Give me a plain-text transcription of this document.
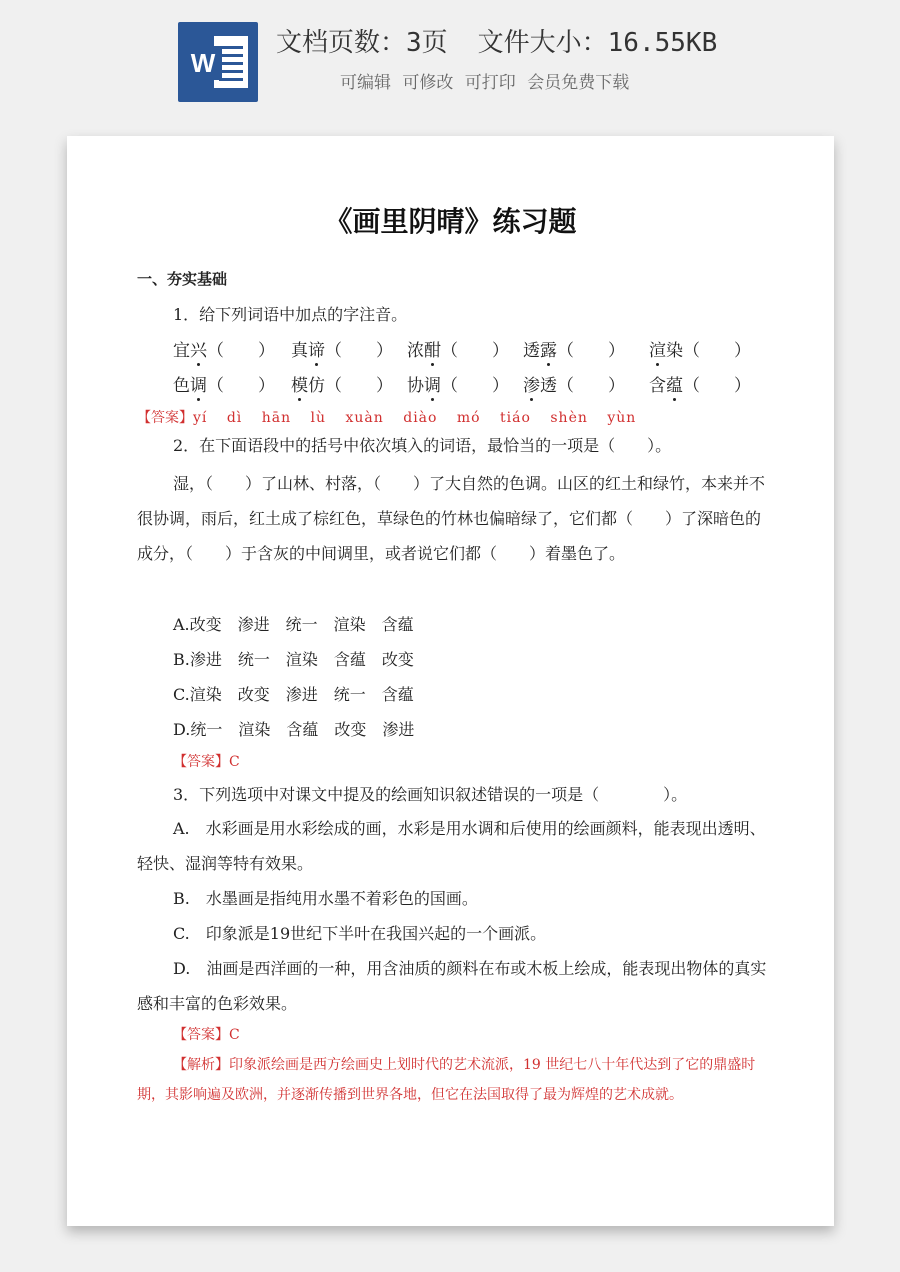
W
文档页数：3页 文件大小：16.55KB
可编辑 可修改 可打印 会员免费下载
《画里阴晴》练习题
一、夯实基础
1．给下列词语中加点的字注音。
宜兴（　　） 真谛（　　） 浓酣（　　） 透露（　　） 渲染（　　）
色调（　　） 模仿（　　） 协调（　　） 渗透（　　） 含蕴（　　）
【答案】yí dì hān lù xuàn diào mó tiáo shèn yùn
2．在下面语段中的括号中依次填入的词语，最恰当的一项是（　　）。
湿，（　　）了山林、村落，（　　）了大自然的色调。山区的红土和绿竹，本来并不很协调，雨后，红土成了棕红色，草绿色的竹林也偏暗绿了，它们都（　　）了深暗色的成分，（　　）于含灰的中间调里，或者说它们都（　　）着墨色了。
A.改变　渗进　统一　渲染　含蕴
B.渗进　统一　渲染　含蕴　改变
C.渲染　改变　渗进　统一　含蕴
D.统一　渲染　含蕴　改变　渗进
【答案】C
3．下列选项中对课文中提及的绘画知识叙述错误的一项是（　　　　）。
A.　水彩画是用水彩绘成的画，水彩是用水调和后使用的绘画颜料，能表现出透明、轻快、湿润等特有效果。
B.　水墨画是指纯用水墨不着彩色的国画。
C.　印象派是19世纪下半叶在我国兴起的一个画派。
D.　油画是西洋画的一种，用含油质的颜料在布或木板上绘成，能表现出物体的真实感和丰富的色彩效果。
【答案】C
【解析】印象派绘画是西方绘画史上划时代的艺术流派，19 世纪七八十年代达到了它的鼎盛时期，其影响遍及欧洲，并逐渐传播到世界各地，但它在法国取得了最为辉煌的艺术成就。
